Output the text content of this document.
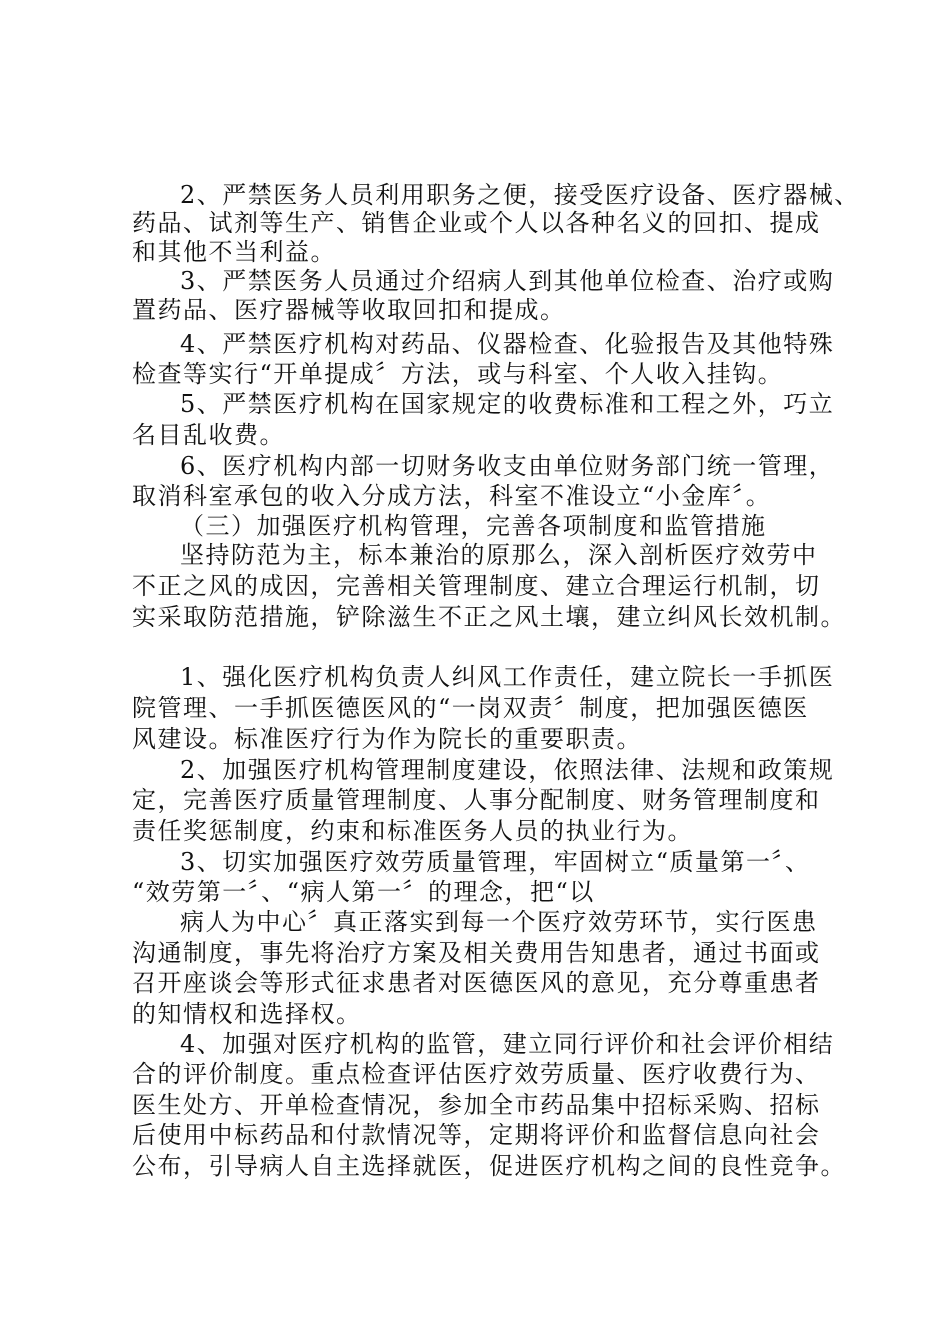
2、严禁医务人员利用职务之便，接受医疗设备、医疗器械、
药品、试剂等生产、销售企业或个人以各种名义的回扣、提成
和其他不当利益。
3、严禁医务人员通过介绍病人到其他单位检查、治疗或购
置药品、医疗器械等收取回扣和提成。
4、严禁医疗机构对药品、仪器检查、化验报告及其他特殊
检查等实行“开单提成〞方法，或与科室、个人收入挂钩。
5、严禁医疗机构在国家规定的收费标准和工程之外，巧立
名目乱收费。
6、医疗机构内部一切财务收支由单位财务部门统一管理，
取消科室承包的收入分成方法，科室不准设立“小金库〞。
（三）加强医疗机构管理，完善各项制度和监管措施
坚持防范为主，标本兼治的原那么，深入剖析医疗效劳中
不正之风的成因，完善相关管理制度、建立合理运行机制，切
实采取防范措施，铲除滋生不正之风土壤，建立纠风长效机制。
1、强化医疗机构负责人纠风工作责任，建立院长一手抓医
院管理、一手抓医德医风的“一岗双责〞制度，把加强医德医
风建设。标准医疗行为作为院长的重要职责。
2、加强医疗机构管理制度建设，依照法律、法规和政策规
定，完善医疗质量管理制度、人事分配制度、财务管理制度和
责任奖惩制度，约束和标准医务人员的执业行为。
3、切实加强医疗效劳质量管理，牢固树立“质量第一〞、
“效劳第一〞、“病人第一〞的理念，把“以
病人为中心〞真正落实到每一个医疗效劳环节，实行医患
沟通制度，事先将治疗方案及相关费用告知患者，通过书面或
召开座谈会等形式征求患者对医德医风的意见，充分尊重患者
的知情权和选择权。
4、加强对医疗机构的监管，建立同行评价和社会评价相结
合的评价制度。重点检查评估医疗效劳质量、医疗收费行为、
医生处方、开单检查情况，参加全市药品集中招标采购、招标
后使用中标药品和付款情况等，定期将评价和监督信息向社会
公布，引导病人自主选择就医，促进医疗机构之间的良性竞争。
